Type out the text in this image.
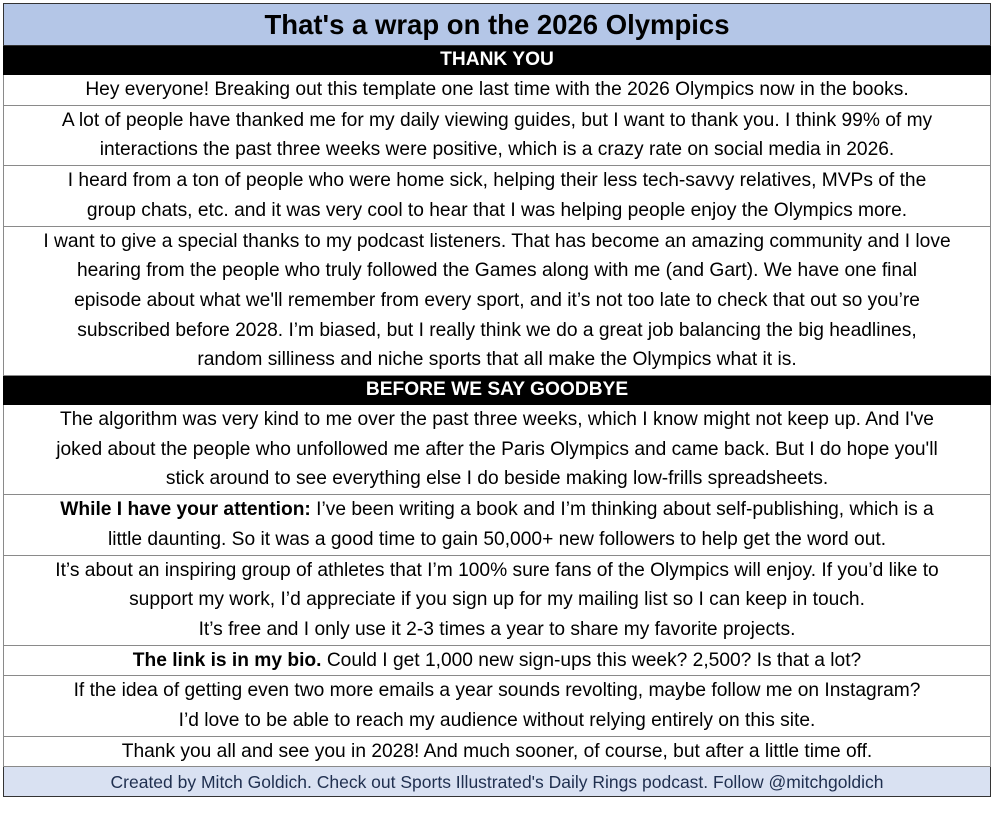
That's a wrap on the 2026 Olympics
THANK YOU

Hey everyone! Breaking out this template one last time with the 2026 Olympics now in the books.

A lot of people have thanked me for my daily viewing guides, but I want to thank you. I think 99% of my
interactions the past three weeks were positive, which is a crazy rate on social media in 2026.

I heard from a ton of people who were home sick, helping their less tech-savvy relatives, MVPs of the
group chats, etc. and it was very cool to hear that I was helping people enjoy the Olympics more.

I want to give a special thanks to my podcast listeners. That has become an amazing community and I love
hearing from the people who truly followed the Games along with me (and Gart). We have one final
episode about what we'll remember from every sport, and it’s not too late to check that out so you’re
subscribed before 2028. I’m biased, but I really think we do a great job balancing the big headlines,
random silliness and niche sports that all make the Olympics what it is.

BEFORE WE SAY GOODBYE

The algorithm was very kind to me over the past three weeks, which I know might not keep up. And I've
joked about the people who unfollowed me after the Paris Olympics and came back. But I do hope you'll
stick around to see everything else I do beside making low-frills spreadsheets.

While I have your attention: I’ve been writing a book and I’m thinking about self-publishing, which is a
little daunting. So it was a good time to gain 50,000+ new followers to help get the word out.

It’s about an inspiring group of athletes that I’m 100% sure fans of the Olympics will enjoy. If you’d like to
support my work, I’d appreciate if you sign up for my mailing list so I can keep in touch.
It’s free and I only use it 2-3 times a year to share my favorite projects.

The link is in my bio. Could I get 1,000 new sign-ups this week? 2,500? Is that a lot?

If the idea of getting even two more emails a year sounds revolting, maybe follow me on Instagram?
I’d love to be able to reach my audience without relying entirely on this site.

Thank you all and see you in 2028! And much sooner, of course, but after a little time off.

Created by Mitch Goldich. Check out Sports Illustrated's Daily Rings podcast. Follow @mitchgoldich
